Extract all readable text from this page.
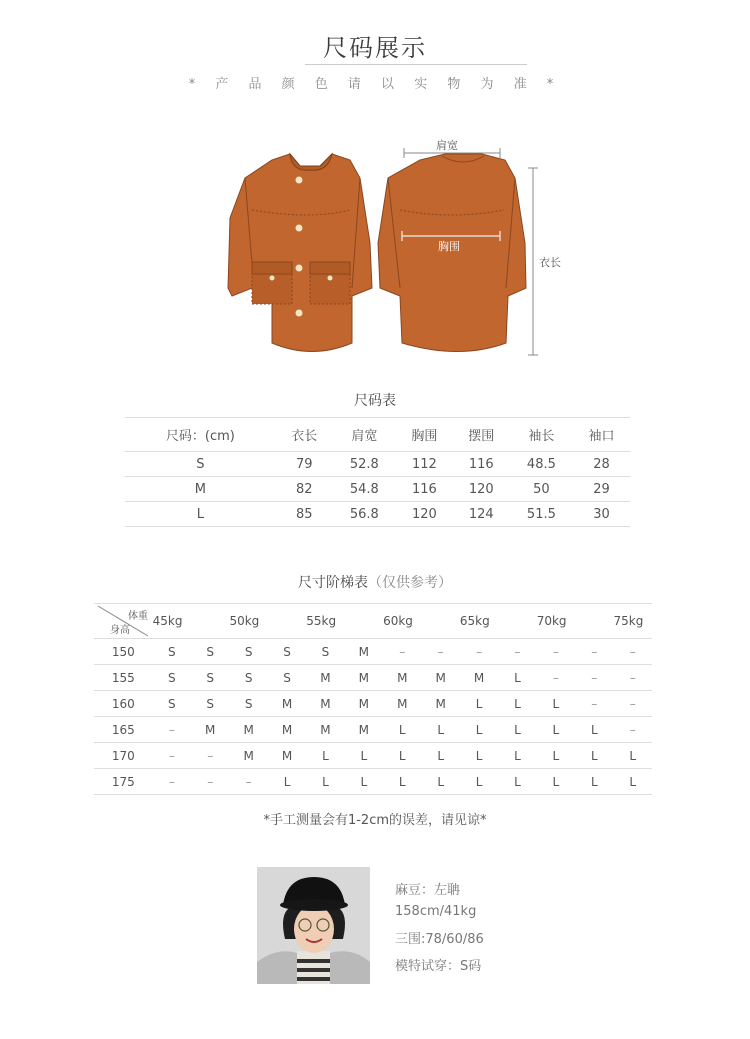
尺码展示
* 产 品 颜 色 请 以 实 物 为 准 *
肩宽
胸围
衣长
尺码表
尺码：(cm)	衣长	肩宽	胸围	摆围	袖长	袖口
S	79	52.8	112	116	48.5	28
M	82	54.8	116	120	50	29
L	85	56.8	120	124	51.5	30
尺寸阶梯表（仅供参考）
体重
身高	45kg		50kg		55kg		60kg		65kg		70kg		75kg
150	S	S	S	S	S	M	–	–	–	–	–	–	–
155	S	S	S	S	M	M	M	M	M	L	–	–	–
160	S	S	S	M	M	M	M	M	L	L	L	–	–
165	–	M	M	M	M	M	L	L	L	L	L	L	–
170	–	–	M	M	L	L	L	L	L	L	L	L	L
175	–	–	–	L	L	L	L	L	L	L	L	L	L
*手工测量会有1-2cm的误差，请见谅*
麻豆：左聃
158cm/41kg
三围:78/60/86
模特试穿：S码
